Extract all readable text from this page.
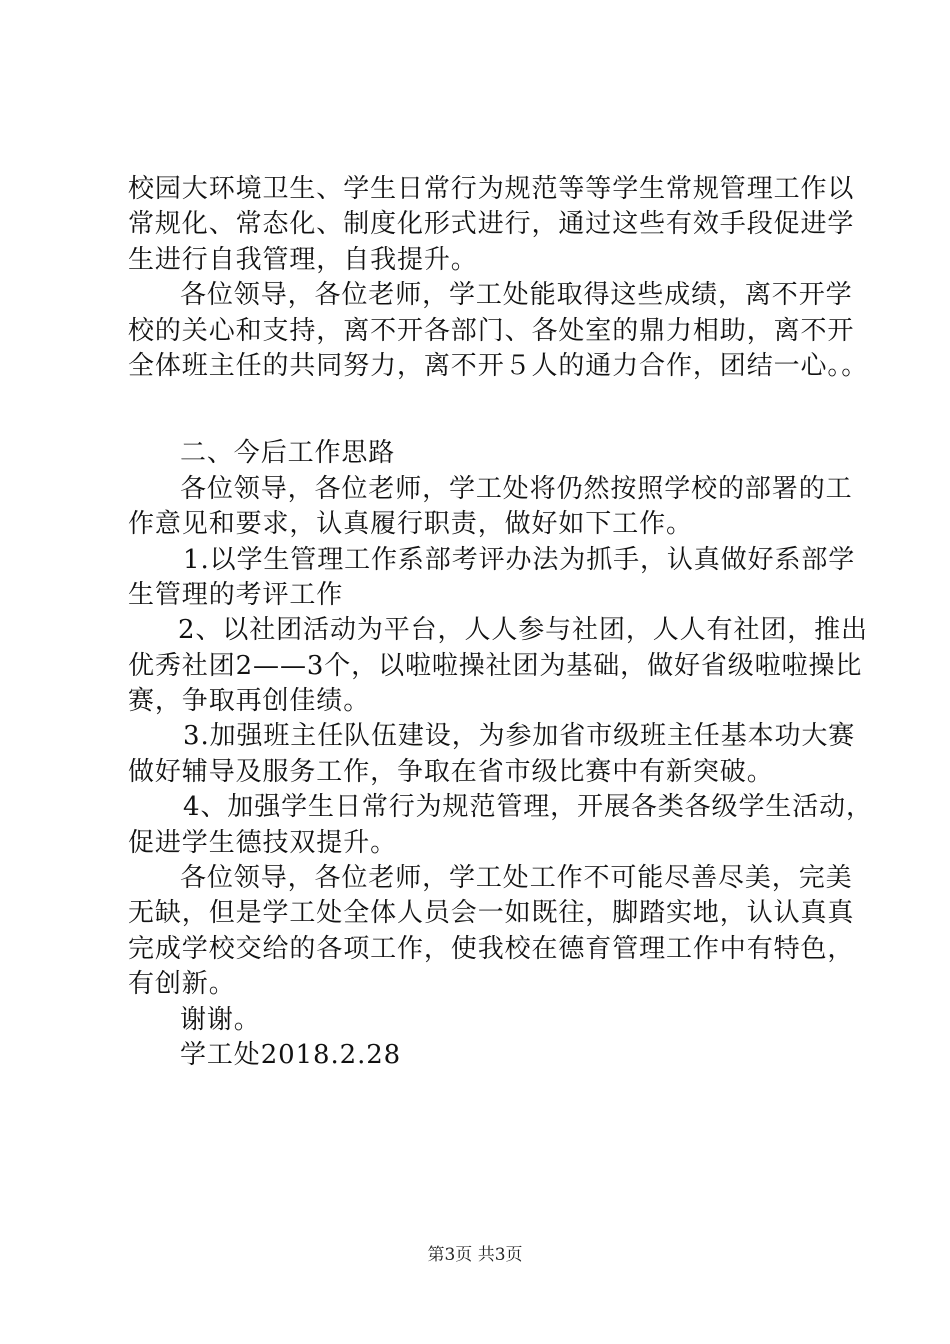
校园大环境卫生、学生日常行为规范等等学生常规管理工作以
常规化、常态化、制度化形式进行，通过这些有效手段促进学
生进行自我管理，自我提升。
各位领导，各位老师，学工处能取得这些成绩，离不开学
校的关心和支持，离不开各部门、各处室的鼎力相助，离不开
全体班主任的共同努力，离不开５人的通力合作，团结一心。。
二、今后工作思路
各位领导，各位老师，学工处将仍然按照学校的部署的工
作意见和要求，认真履行职责，做好如下工作。
1.以学生管理工作系部考评办法为抓手，认真做好系部学
生管理的考评工作
2、以社团活动为平台，人人参与社团，人人有社团，推出
优秀社团2——3个，以啦啦操社团为基础，做好省级啦啦操比
赛，争取再创佳绩。
3.加强班主任队伍建设，为参加省市级班主任基本功大赛
做好辅导及服务工作，争取在省市级比赛中有新突破。
4、加强学生日常行为规范管理，开展各类各级学生活动，
促进学生德技双提升。
各位领导，各位老师，学工处工作不可能尽善尽美，完美
无缺，但是学工处全体人员会一如既往，脚踏实地，认认真真
完成学校交给的各项工作，使我校在德育管理工作中有特色，
有创新。
谢谢。
学工处2018.2.28
第3页 共3页
